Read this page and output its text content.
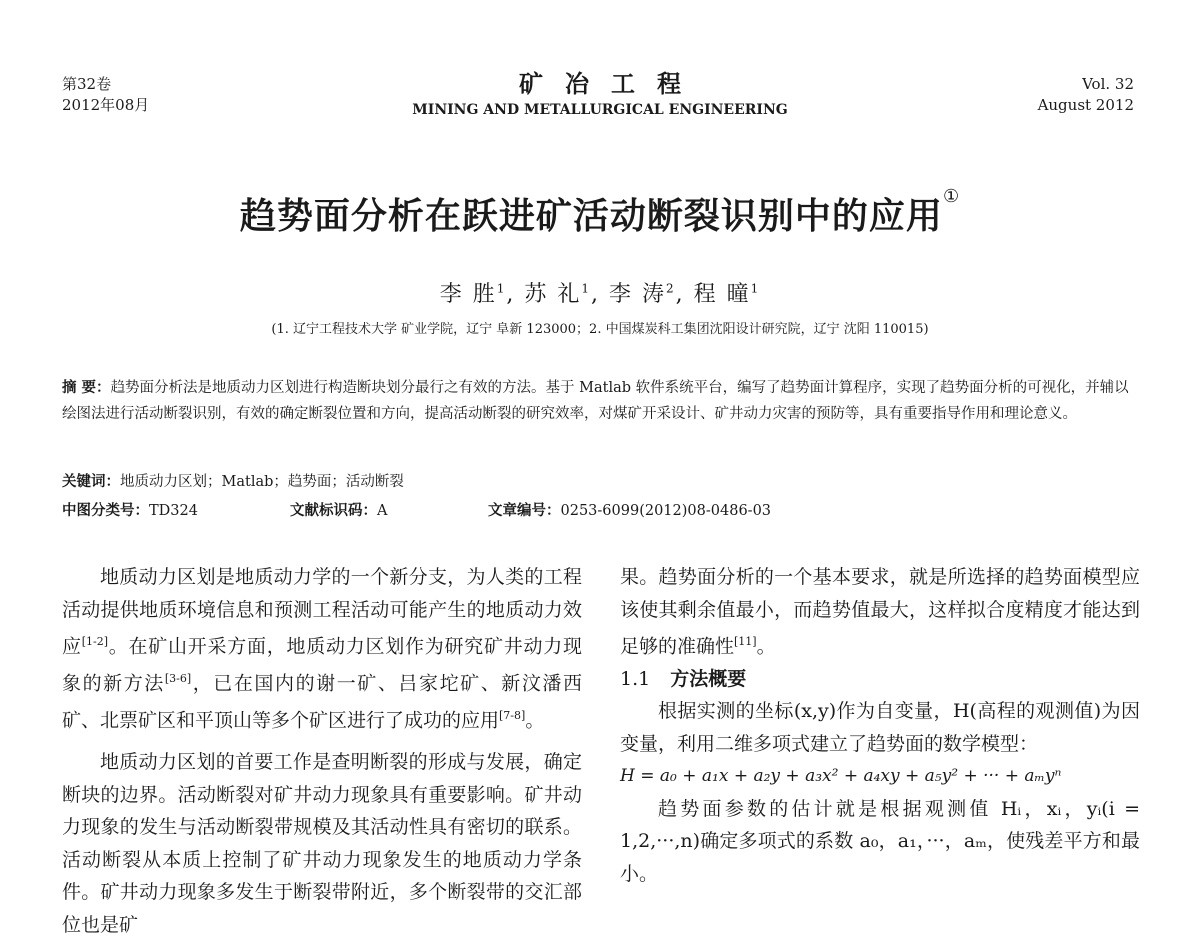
第32卷
2012年08月
矿冶工程
MINING AND METALLURGICAL ENGINEERING
Vol. 32
August 2012
趋势面分析在跃进矿活动断裂识别中的应用①
李 胜$^1$, 苏 礼$^1$, 李 涛$^2$, 程 曈$^1$
(1. 辽宁工程技术大学 矿业学院，辽宁 阜新 123000；2. 中国煤炭科工集团沈阳设计研究院，辽宁 沈阳 110015)
摘 要：趋势面分析法是地质动力区划进行构造断块划分最行之有效的方法。基于 Matlab 软件系统平台，编写了趋势面计算程序，实现了趋势面分析的可视化，并辅以绘图法进行活动断裂识别，有效的确定断裂位置和方向，提高活动断裂的研究效率，对煤矿开采设计、矿井动力灾害的预防等，具有重要指导作用和理论意义。
关键词：地质动力区划；Matlab；趋势面；活动断裂
中图分类号：TD324	文献标识码：A	文章编号：0253-6099(2012)08-0486-03

地质动力区划是地质动力学的一个新分支，为人类的工程活动提供地质环境信息和预测工程活动可能产生的地质动力效应[1-2]。在矿山开采方面，地质动力区划作为研究矿井动力现象的新方法[3-6]，已在国内的谢一矿、吕家坨矿、新汶潘西矿、北票矿区和平顶山等多个矿区进行了成功的应用[7-8]。

地质动力区划的首要工作是查明断裂的形成与发展，确定断块的边界。活动断裂对矿井动力现象具有重要影响。矿井动力现象的发生与活动断裂带规模及其活动性具有密切的联系。活动断裂从本质上控制了矿井动力现象发生的地质动力学条件。矿井动力现象多发生于断裂带附近，多个断裂带的交汇部位也是矿

果。趋势面分析的一个基本要求，就是所选择的趋势面模型应该使其剩余值最小，而趋势值最大，这样拟合度精度才能达到足够的准确性[11]。

1.1 方法概要

根据实测的坐标(x,y)作为自变量，H(高程的观测值)为因变量，利用二维多项式建立了趋势面的数学模型：

H = a₀ + a₁x + a₂y + a₃x² + a₄xy + a₅y² + ··· + aₘyⁿ

趋势面参数的估计就是根据观测值 Hᵢ，xᵢ，yᵢ(i = 1,2,···,n)确定多项式的系数 a₀，a₁，···，aₘ，使残差平方和最小。
